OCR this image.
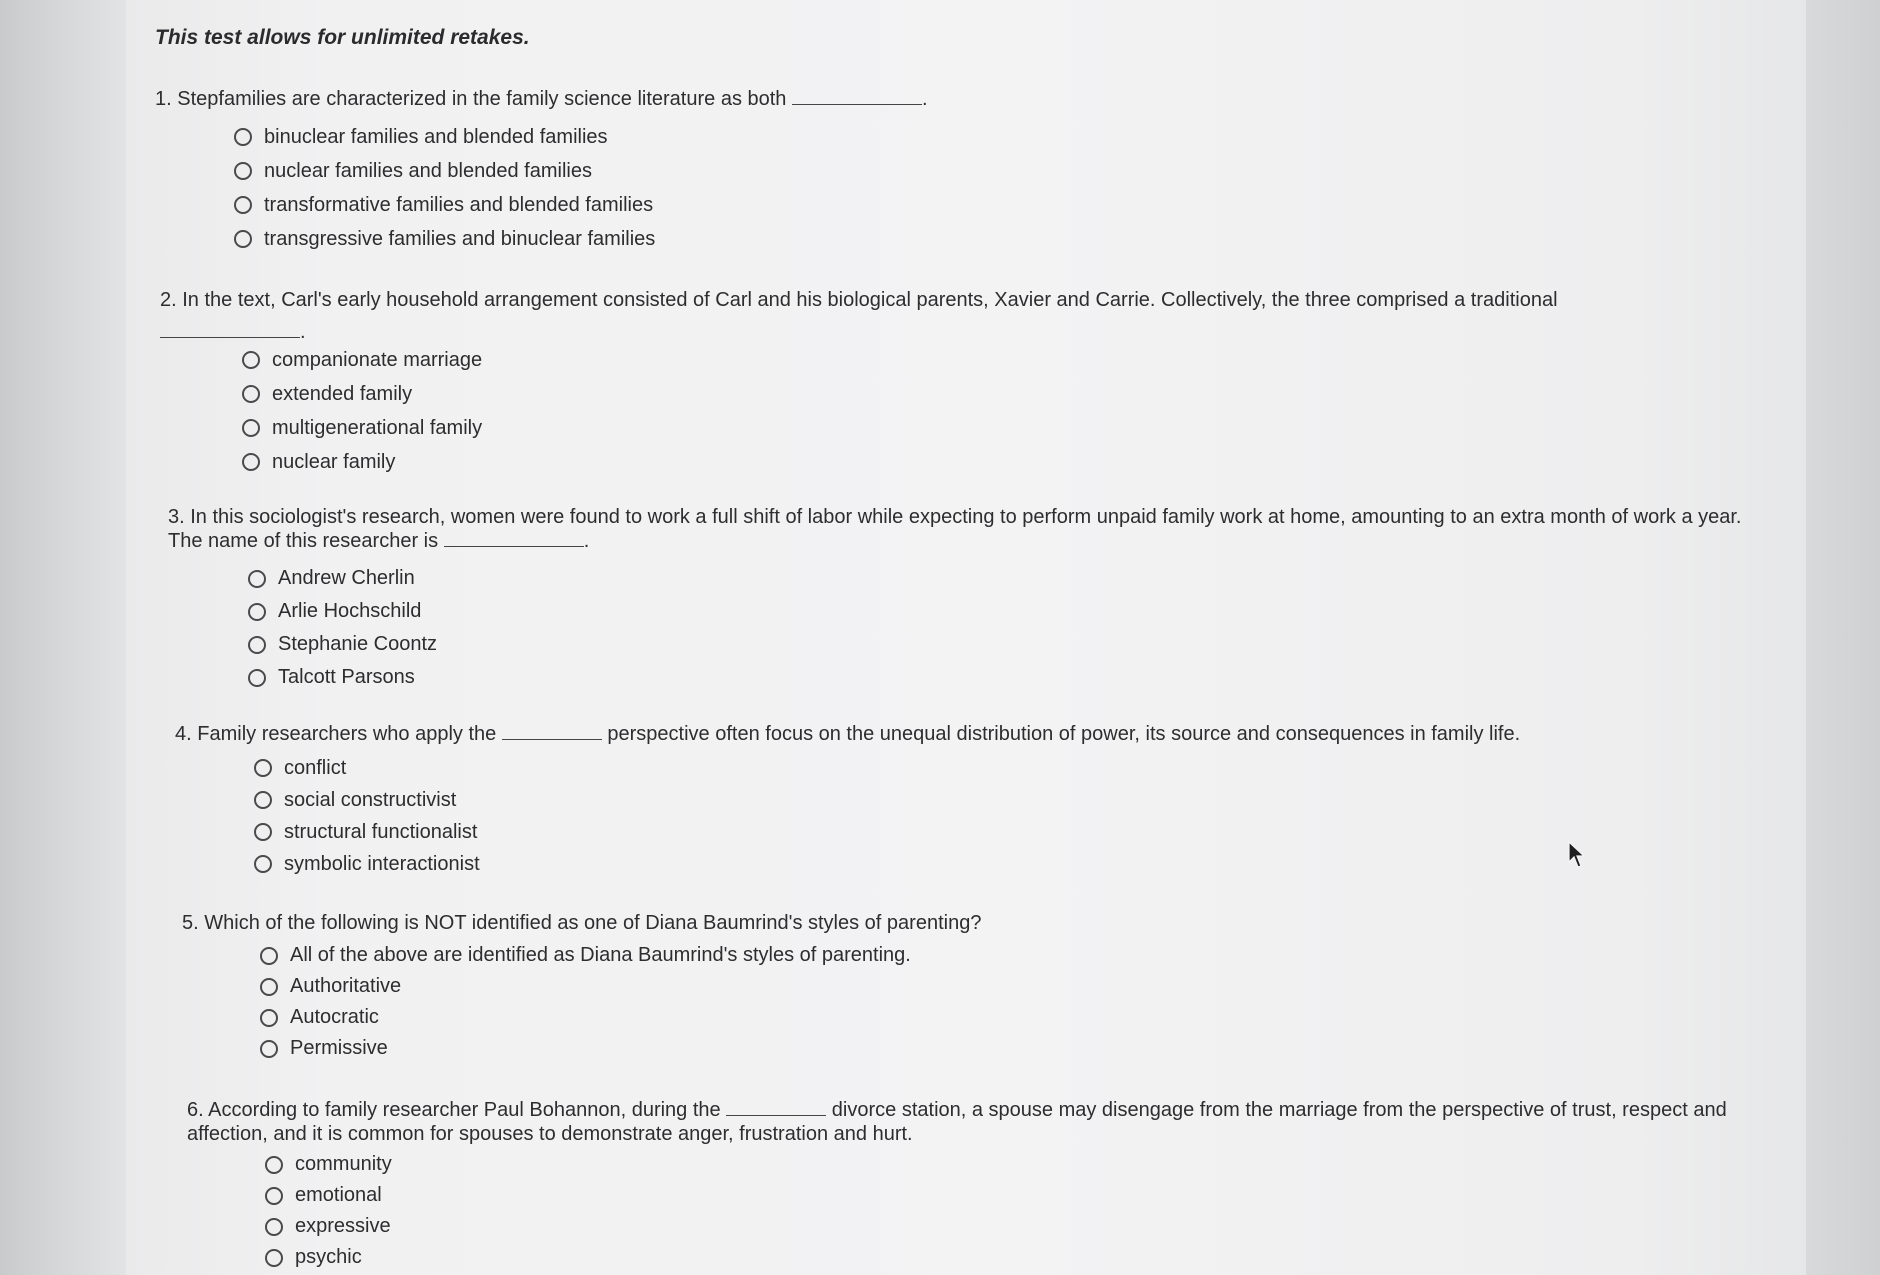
This test allows for unlimited retakes.
1. Stepfamilies are characterized in the family science literature as both	.
binuclear families and blended families
nuclear families and blended families
transformative families and blended families
transgressive families and binuclear families
2. In the text, Carl's early household arrangement consisted of Carl and his biological parents, Xavier and Carrie. Collectively, the three comprised a traditional
.
companionate marriage
extended family
multigenerational family
nuclear family
3. In this sociologist's research, women were found to work a full shift of labor while expecting to perform unpaid family work at home, amounting to an extra month of work a year. The name of this researcher is	.
Andrew Cherlin
Arlie Hochschild
Stephanie Coontz
Talcott Parsons
4. Family researchers who apply the	perspective often focus on the unequal distribution of power, its source and consequences in family life.
conflict
social constructivist
structural functionalist
symbolic interactionist
5. Which of the following is NOT identified as one of Diana Baumrind's styles of parenting?
All of the above are identified as Diana Baumrind's styles of parenting.
Authoritative
Autocratic
Permissive
6. According to family researcher Paul Bohannon, during the	divorce station, a spouse may disengage from the marriage from the perspective of trust, respect and affection, and it is common for spouses to demonstrate anger, frustration and hurt.
community
emotional
expressive
psychic
